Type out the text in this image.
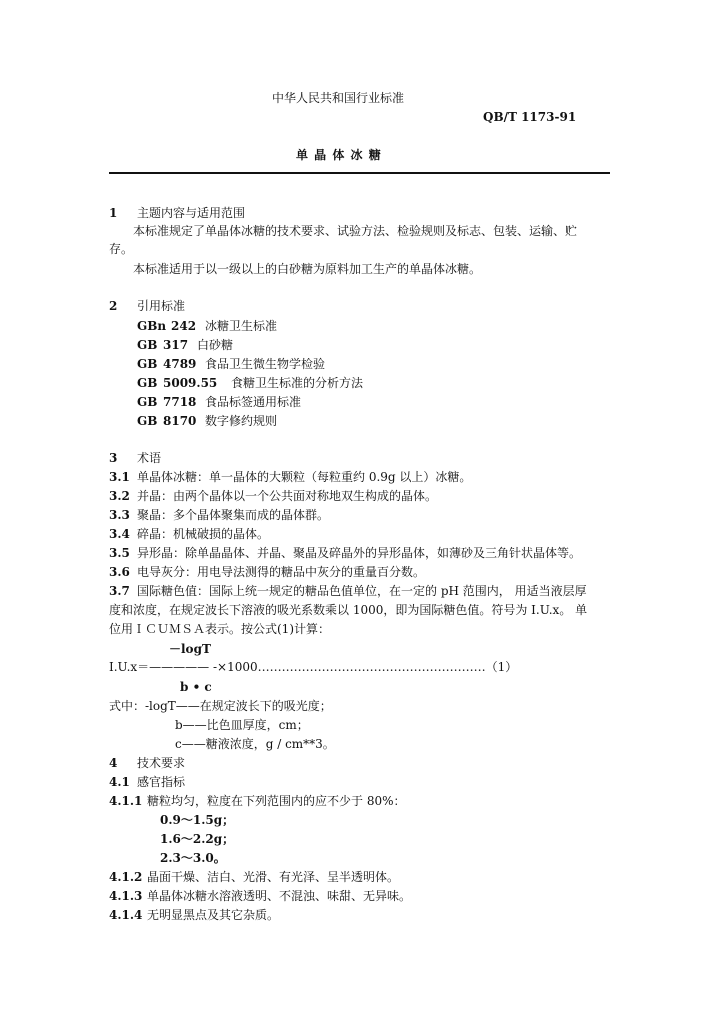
中华人民共和国行业标准
QB/T 1173-91
单 晶 体 冰 糖
1 主题内容与适用范围
本标准规定了单晶体冰糖的技术要求、试验方法、检验规则及标志、包装、运输、贮
存。
本标准适用于以一级以上的白砂糖为原料加工生产的单晶体冰糖。
2 引用标准
GBn 242 冰糖卫生标准
GB 317 白砂糖
GB 4789 食品卫生微生物学检验
GB 5009.55 食糖卫生标准的分析方法
GB 7718 食品标签通用标准
GB 8170 数字修约规则
3 术语
3.1 单晶体冰糖：单一晶体的大颗粒（每粒重约 0.9g 以上）冰糖。
3.2 并晶：由两个晶体以一个公共面对称地双生构成的晶体。
3.3 聚晶：多个晶体聚集而成的晶体群。
3.4 碎晶：机械破损的晶体。
3.5 异形晶：除单晶晶体、并晶、聚晶及碎晶外的异形晶体，如薄砂及三角针状晶体等。
3.6 电导灰分：用电导法测得的糖品中灰分的重量百分数。
3.7 国际糖色值：国际上统一规定的糖品色值单位，在一定的 pH 范围内， 用适当液层厚
度和浓度，在规定波长下溶液的吸光系数乘以 1000，即为国际糖色值。符号为 I.U.x。 单
位用ＩＣＵＭＳＡ表示。按公式(1)计算：
－logT
I.U.x＝————— -×1000…………………………………………………（1）
b • c
式中：-logT——在规定波长下的吸光度；
b——比色皿厚度，cm；
c——糖液浓度，g / cm**3。
4 技术要求
4.1 感官指标
4.1.1 糖粒均匀，粒度在下列范围内的应不少于 80%：
0.9～1.5g；
1.6～2.2g；
2.3～3.0。
4.1.2 晶面干燥、洁白、光滑、有光泽、呈半透明体。
4.1.3 单晶体冰糖水溶液透明、不混浊、味甜、无异味。
4.1.4 无明显黑点及其它杂质。
